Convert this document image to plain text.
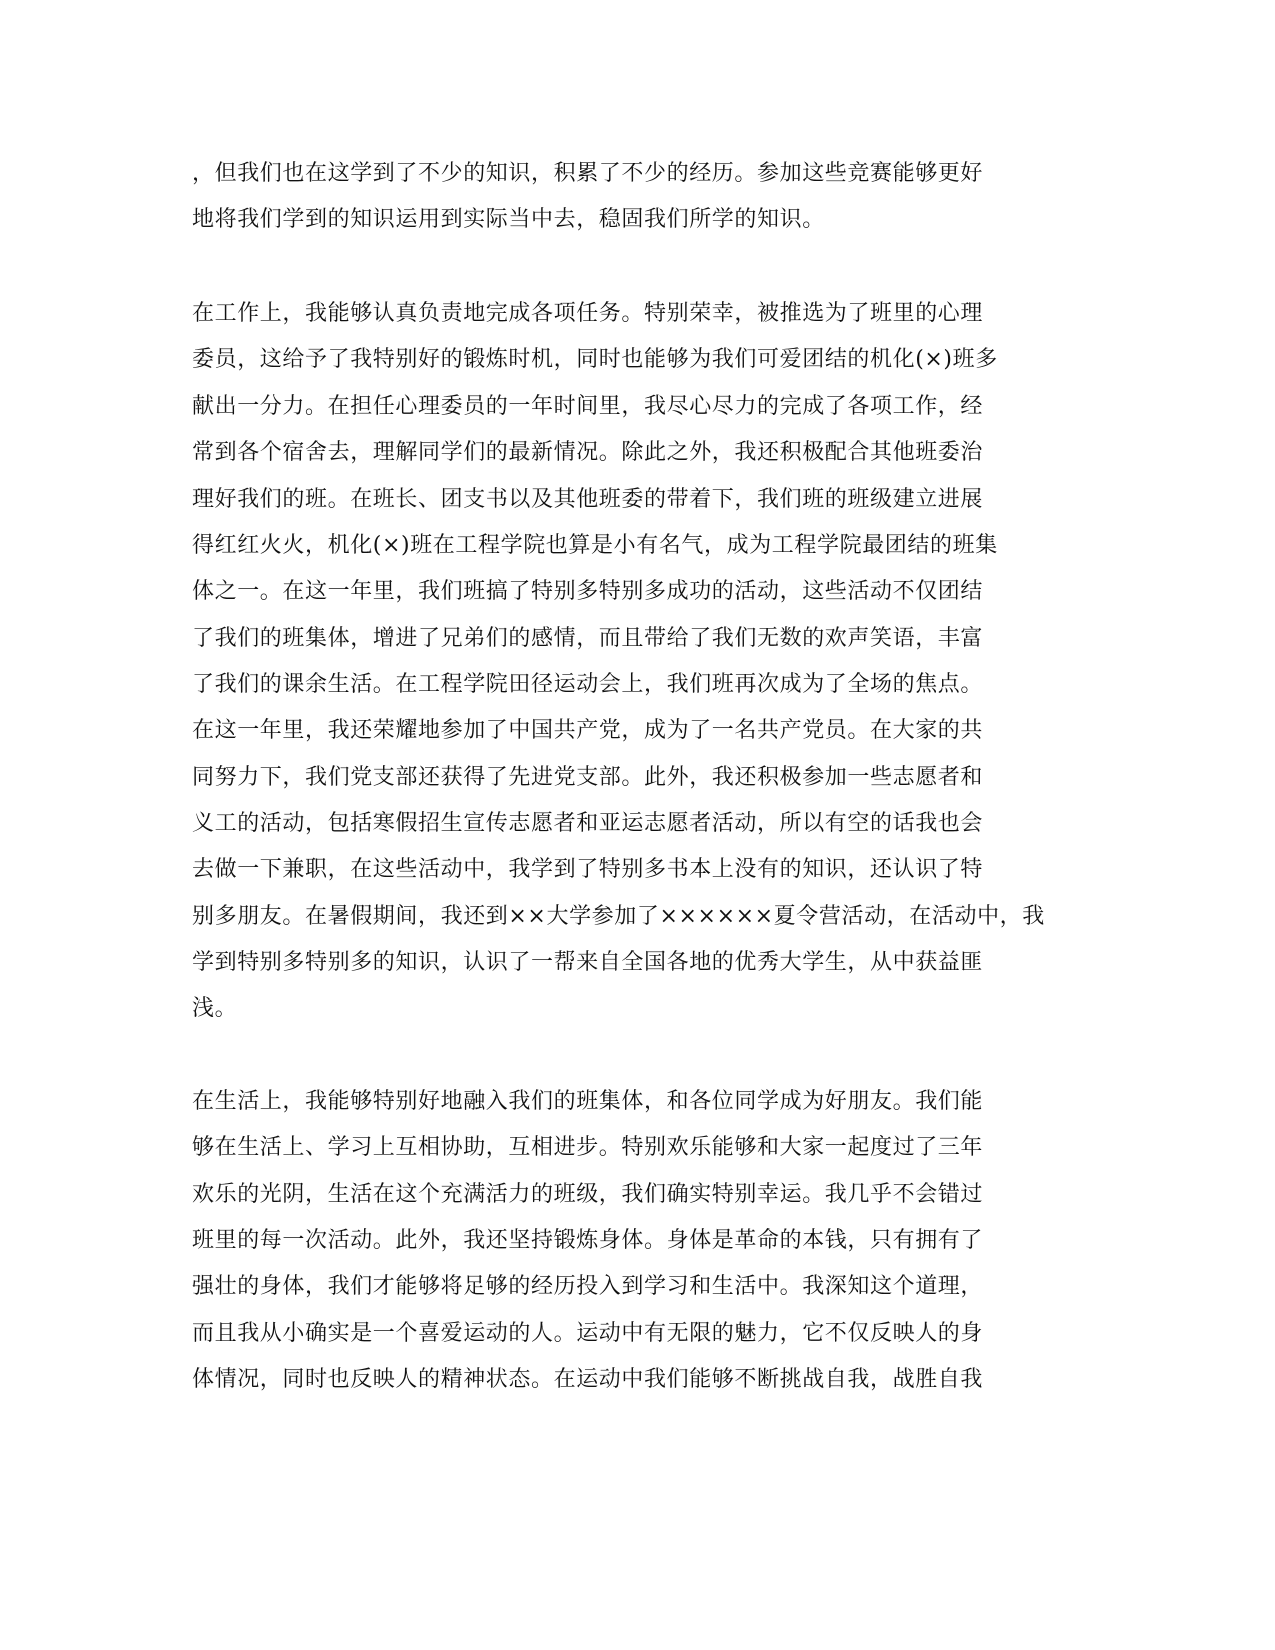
，但我们也在这学到了不少的知识，积累了不少的经历。参加这些竞赛能够更好
地将我们学到的知识运用到实际当中去，稳固我们所学的知识。
在工作上，我能够认真负责地完成各项任务。特别荣幸，被推选为了班里的心理
委员，这给予了我特别好的锻炼时机，同时也能够为我们可爱团结的机化(×)班多
献出一分力。在担任心理委员的一年时间里，我尽心尽力的完成了各项工作，经
常到各个宿舍去，理解同学们的最新情况。除此之外，我还积极配合其他班委治
理好我们的班。在班长、团支书以及其他班委的带着下，我们班的班级建立进展
得红红火火，机化(×)班在工程学院也算是小有名气，成为工程学院最团结的班集
体之一。在这一年里，我们班搞了特别多特别多成功的活动，这些活动不仅团结
了我们的班集体，增进了兄弟们的感情，而且带给了我们无数的欢声笑语，丰富
了我们的课余生活。在工程学院田径运动会上，我们班再次成为了全场的焦点。
在这一年里，我还荣耀地参加了中国共产党，成为了一名共产党员。在大家的共
同努力下，我们党支部还获得了先进党支部。此外，我还积极参加一些志愿者和
义工的活动，包括寒假招生宣传志愿者和亚运志愿者活动，所以有空的话我也会
去做一下兼职，在这些活动中，我学到了特别多书本上没有的知识，还认识了特
别多朋友。在暑假期间，我还到××大学参加了××××××夏令营活动，在活动中，我
学到特别多特别多的知识，认识了一帮来自全国各地的优秀大学生，从中获益匪
浅。
在生活上，我能够特别好地融入我们的班集体，和各位同学成为好朋友。我们能
够在生活上、学习上互相协助，互相进步。特别欢乐能够和大家一起度过了三年
欢乐的光阴，生活在这个充满活力的班级，我们确实特别幸运。我几乎不会错过
班里的每一次活动。此外，我还坚持锻炼身体。身体是革命的本钱，只有拥有了
强壮的身体，我们才能够将足够的经历投入到学习和生活中。我深知这个道理，
而且我从小确实是一个喜爱运动的人。运动中有无限的魅力，它不仅反映人的身
体情况，同时也反映人的精神状态。在运动中我们能够不断挑战自我，战胜自我
